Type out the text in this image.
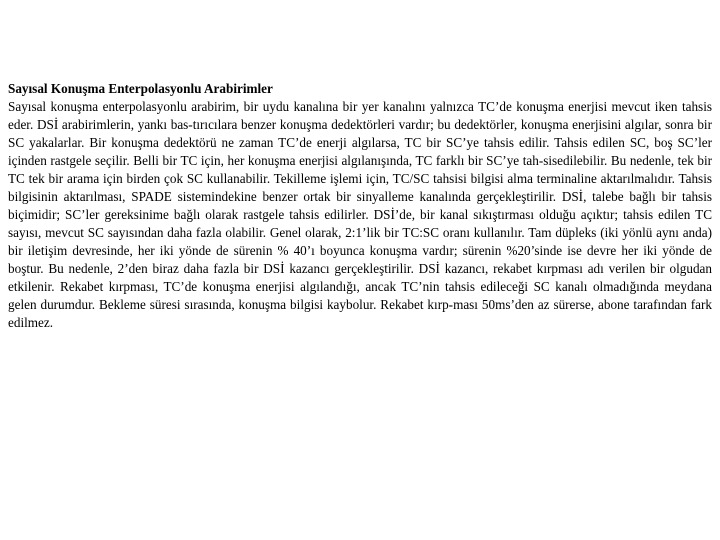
Sayısal Konuşma Enterpolasyonlu Arabirimler

Sayısal konuşma enterpolasyonlu arabirim, bir uydu kanalına bir yer kanalını yalnızca TC’de konuşma enerjisi mevcut iken tahsis eder. DSİ arabirimlerin, yankı bas-tırıcılara benzer konuşma dedektörleri vardır; bu dedektörler, konuşma enerjisini algılar, sonra bir SC yakalarlar. Bir konuşma dedektörü ne zaman TC’de enerji algılarsa, TC bir SC’ye tahsis edilir. Tahsis edilen SC, boş SC’ler içinden rastgele seçilir. Belli bir TC için, her konuşma enerjisi algılanışında, TC farklı bir SC’ye tah-sisedilebilir. Bu nedenle, tek bir TC tek bir arama için birden çok SC kullanabilir. Tekilleme işlemi için, TC/SC tahsisi bilgisi alma terminaline aktarılmalıdır. Tahsis bilgisinin aktarılması, SPADE sistemindekine benzer ortak bir sinyalleme kanalında gerçekleştirilir. DSİ, talebe bağlı bir tahsis biçimidir; SC’ler gereksinime bağlı olarak rastgele tahsis edilirler. DSİ’de, bir kanal sıkıştırması olduğu açıktır; tahsis edilen TC sayısı, mevcut SC sayısından daha fazla olabilir. Genel olarak, 2:1’lik bir TC:SC oranı kullanılır. Tam düpleks (iki yönlü aynı anda) bir iletişim devresinde, her iki yönde de sürenin % 40’ı boyunca konuşma vardır; sürenin %20’sinde ise devre her iki yönde de boştur. Bu nedenle, 2’den biraz daha fazla bir DSİ kazancı gerçekleştirilir. DSİ kazancı, rekabet kırpması adı verilen bir olgudan etkilenir. Rekabet kırpması, TC’de konuşma enerjisi algılandığı, ancak TC’nin tahsis edileceği SC kanalı olmadığında meydana gelen durumdur. Bekleme süresi sırasında, konuşma bilgisi kaybolur. Rekabet kırp-ması 50ms’den az sürerse, abone tarafından fark edilmez.
